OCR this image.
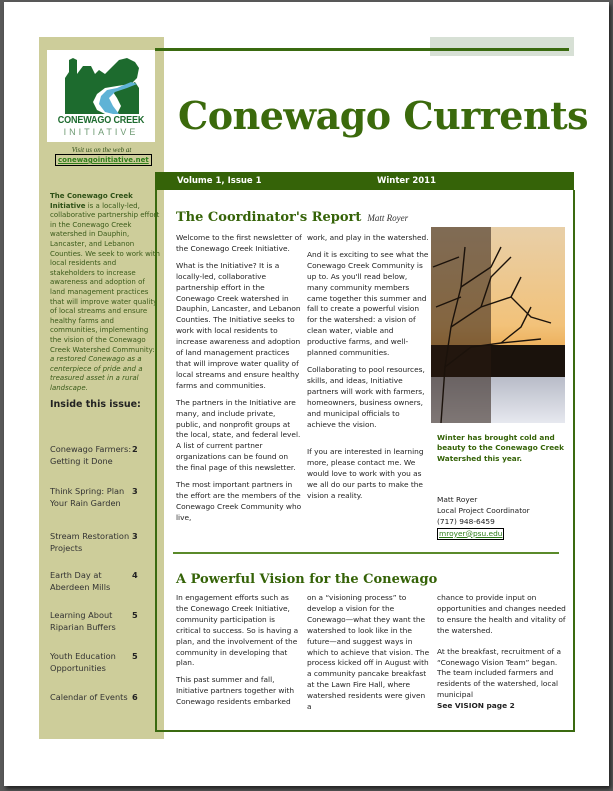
CONEWAGO CREEK
INITIATIVE
Visit us on the web at
conewagoinitiative.net
The Conewago Creek Initiative is a locally-led, collaborative partnership effort in the Conewago Creek watershed in Dauphin, Lancaster, and Lebanon Counties. We seek to work with local residents and stakeholders to increase awareness and adoption of land management practices that will improve water quality of local streams and ensure healthy farms and communities, implementing the vision of the Conewago Creek Watershed Community: a restored Conewago as a centerpiece of pride and a treasured asset in a rural landscape.
Inside this issue:
Conewago Farmers: Getting it Done
2
Think Spring: Plan Your Rain Garden
3
Stream Restoration Projects
3
Earth Day at Aberdeen Mills
4
Learning About Riparian Buffers
5
Youth Education Opportunities
5
Calendar of Events 6
Conewago Currents
Volume 1, Issue 1	Winter 2011
The Coordinator's Report Matt Royer

Welcome to the first newsletter of the Conewago Creek Initiative.

What is the Initiative? It is a locally-led, collaborative partnership effort in the Conewago Creek watershed in Dauphin, Lancaster, and Lebanon Counties. The Initiative seeks to work with local residents to increase awareness and adoption of land management practices that will improve water quality of local streams and ensure healthy farms and communities.

The partners in the Initiative are many, and include private, public, and nonprofit groups at the local, state, and federal level. A list of current partner organizations can be found on the final page of this newsletter.

The most important partners in the effort are the members of the Conewago Creek Community who live,

work, and play in the watershed.

And it is exciting to see what the Conewago Creek Community is up to. As you'll read below, many community members came together this summer and fall to create a powerful vision for the watershed: a vision of clean water, viable and productive farms, and well-planned communities.

Collaborating to pool resources, skills, and ideas, Initiative partners will work with farmers, homeowners, business owners, and municipal officials to achieve the vision.

If you are interested in learning more, please contact me. We would love to work with you as we all do our parts to make the vision a reality.

Winter has brought cold and beauty to the Conewago Creek Watershed this year.
Matt Royer
Local Project Coordinator
(717) 948-6459
mroyer@psu.edu
A Powerful Vision for the Conewago

In engagement efforts such as the Conewago Creek Initiative, community participation is critical to success. So is having a plan, and the involvement of the community in developing that plan.

This past summer and fall, Initiative partners together with Conewago residents embarked

on a “visioning process” to develop a vision for the Conewago—what they want the watershed to look like in the future—and suggest ways in which to achieve that vision. The process kicked off in August with a community pancake breakfast at the Lawn Fire Hall, where watershed residents were given a

chance to provide input on opportunities and changes needed to ensure the health and vitality of the watershed.

At the breakfast, recruitment of a “Conewago Vision Team” began. The team included farmers and residents of the watershed, local municipal

See VISION page 2
